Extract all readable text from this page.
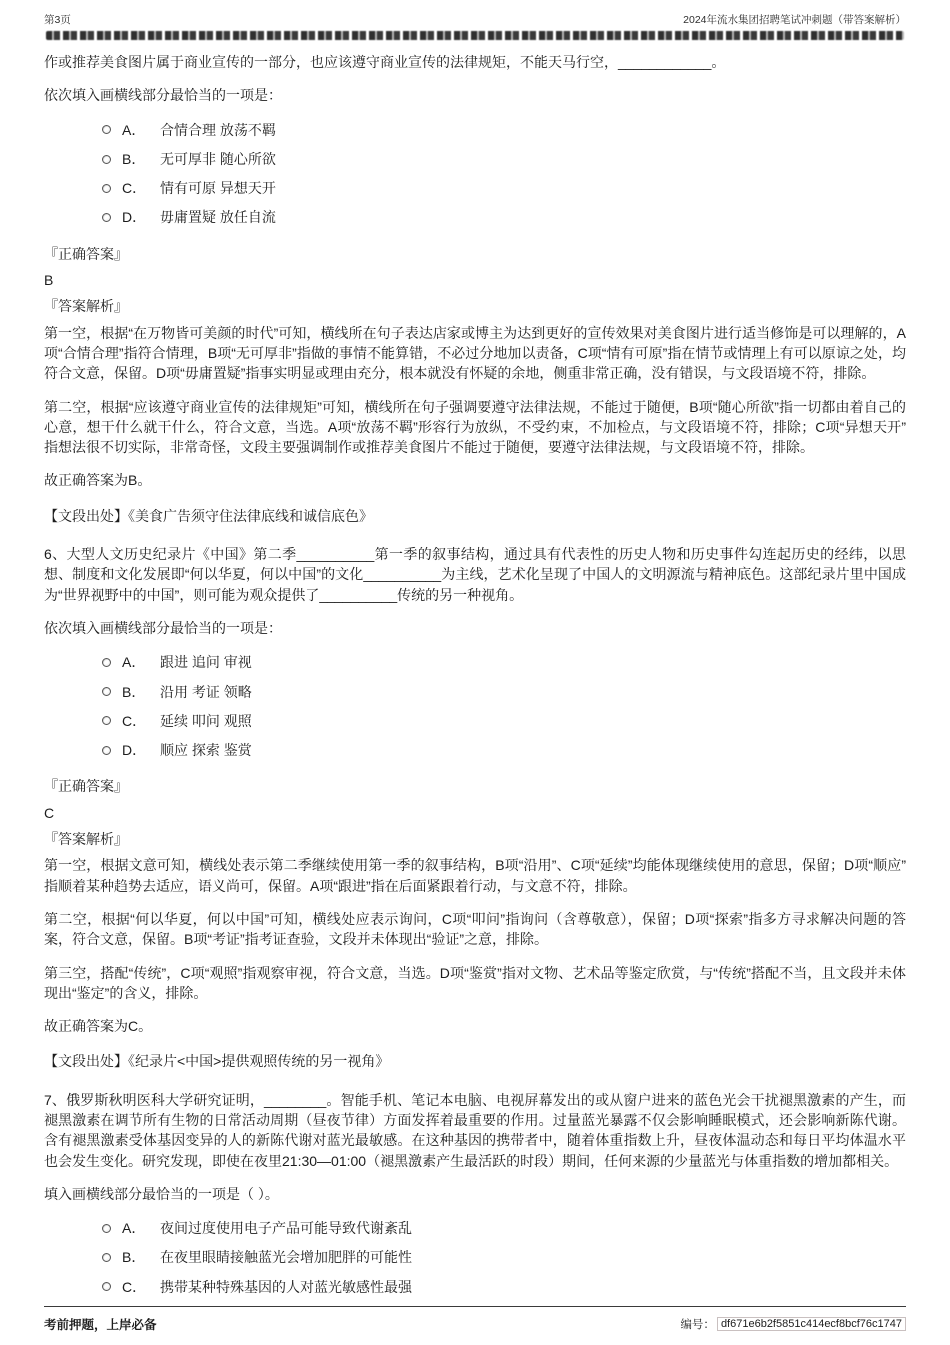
第3页	2024年流水集团招聘笔试冲刺题（带答案解析）

作或推荐美食图片属于商业宣传的一部分，也应该遵守商业宣传的法律规矩，不能天马行空，____________。

依次填入画横线部分最恰当的一项是：

A．	合情合理 放荡不羁
B．	无可厚非 随心所欲
C． 情有可原 异想天开
D． 毋庸置疑 放任自流

『正确答案』

B

『答案解析』

第一空，根据“在万物皆可美颜的时代”可知，横线所在句子表达店家或博主为达到更好的宣传效果对美食图片进行适当修饰是可以理解的，A项“合情合理”指符合情理，B项“无可厚非”指做的事情不能算错，不必过分地加以责备，C项“情有可原”指在情节或情理上有可以原谅之处，均符合文意，保留。D项“毋庸置疑”指事实明显或理由充分，根本就没有怀疑的余地，侧重非常正确，没有错误，与文段语境不符，排除。

第二空，根据“应该遵守商业宣传的法律规矩”可知，横线所在句子强调要遵守法律法规，不能过于随便，B项“随心所欲”指一切都由着自己的心意，想干什么就干什么，符合文意，当选。A项“放荡不羁”形容行为放纵，不受约束，不加检点，与文段语境不符，排除；C项“异想天开”指想法很不切实际，非常奇怪，文段主要强调制作或推荐美食图片不能过于随便，要遵守法律法规，与文段语境不符，排除。

故正确答案为B。

【文段出处】《美食广告须守住法律底线和诚信底色》

6、大型人文历史纪录片《中国》第二季__________第一季的叙事结构，通过具有代表性的历史人物和历史事件勾连起历史的经纬，以思想、制度和文化发展即“何以华夏，何以中国”的文化__________为主线，艺术化呈现了中国人的文明源流与精神底色。这部纪录片里中国成为“世界视野中的中国”，则可能为观众提供了__________传统的另一种视角。

依次填入画横线部分最恰当的一项是：

A．	跟进 追问 审视
B．	沿用 考证 领略
C． 延续 叩问 观照
D． 顺应 探索 鉴赏

『正确答案』

C

『答案解析』

第一空，根据文意可知，横线处表示第二季继续使用第一季的叙事结构，B项“沿用”、C项“延续”均能体现继续使用的意思，保留；D项“顺应”指顺着某种趋势去适应，语义尚可，保留。A项“跟进”指在后面紧跟着行动，与文意不符，排除。

第二空，根据“何以华夏，何以中国”可知，横线处应表示询问，C项“叩问”指询问（含尊敬意），保留；D项“探索”指多方寻求解决问题的答案，符合文意，保留。B项“考证”指考证查验，文段并未体现出“验证”之意，排除。

第三空，搭配“传统”，C项“观照”指观察审视，符合文意，当选。D项“鉴赏”指对文物、艺术品等鉴定欣赏，与“传统”搭配不当，且文段并未体现出“鉴定”的含义，排除。

故正确答案为C。

【文段出处】《纪录片<中国>提供观照传统的另一视角》

7、俄罗斯秋明医科大学研究证明，________。智能手机、笔记本电脑、电视屏幕发出的或从窗户进来的蓝色光会干扰褪黑激素的产生，而褪黑激素在调节所有生物的日常活动周期（昼夜节律）方面发挥着最重要的作用。过量蓝光暴露不仅会影响睡眠模式，还会影响新陈代谢。含有褪黑激素受体基因变异的人的新陈代谢对蓝光最敏感。在这种基因的携带者中，随着体重指数上升，昼夜体温动态和每日平均体温水平也会发生变化。研究发现，即使在夜里21:30—01:00（褪黑激素产生最活跃的时段）期间，任何来源的少量蓝光与体重指数的增加都相关。

填入画横线部分最恰当的一项是（ ）。

A．	夜间过度使用电子产品可能导致代谢紊乱
B．	在夜里眼睛接触蓝光会增加肥胖的可能性
C． 携带某种特殊基因的人对蓝光敏感性最强
考前押题，上岸必备	编号： df671e6b2f5851c414ecf8bcf76c1747
